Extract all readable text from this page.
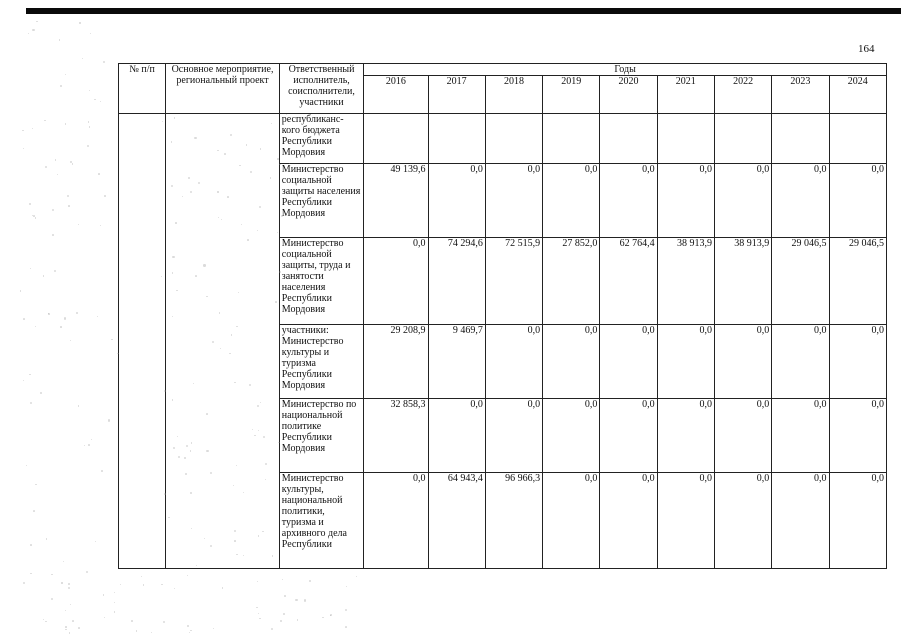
164
№ п/п	Основное мероприятие, региональный проект	Ответственный исполнитель, соисполнители, участники	Годы								
			2016	2017	2018	2019	2020	2021	2022	2023	2024
		республиканс-кого бюджета Республики Мордовия									
		Министерство социальной защиты населения Республики Мордовия	49 139,6	0,0	0,0	0,0	0,0	0,0	0,0	0,0	0,0
		Министерство социальной защиты, труда и занятости населения Республики Мордовия	0,0	74 294,6	72 515,9	27 852,0	62 764,4	38 913,9	38 913,9	29 046,5	29 046,5
		участники: Министерство культуры и туризма Республики Мордовия	29 208,9	9 469,7	0,0	0,0	0,0	0,0	0,0	0,0	0,0
		Министерство по национальной политике Республики Мордовия	32 858,3	0,0	0,0	0,0	0,0	0,0	0,0	0,0	0,0
		Министерство культуры, национальной политики, туризма и архивного дела Республики	0,0	64 943,4	96 966,3	0,0	0,0	0,0	0,0	0,0	0,0
